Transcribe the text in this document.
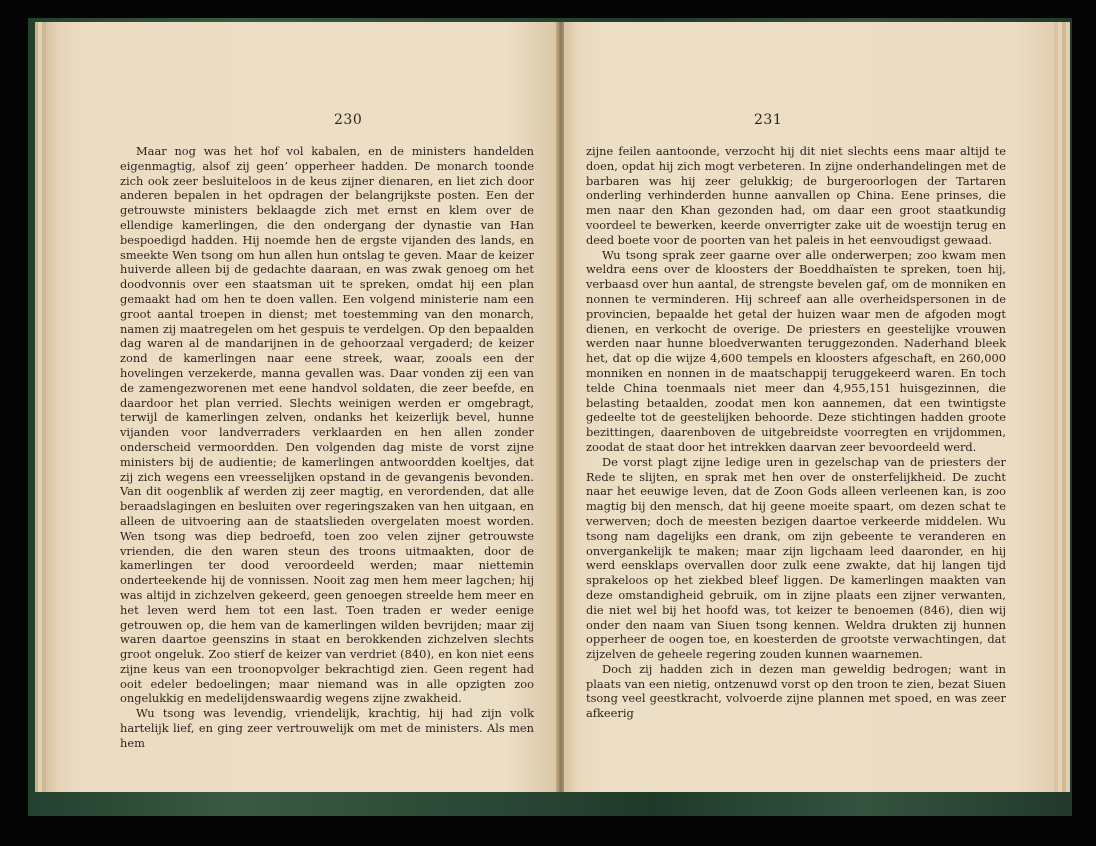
230

Maar nog was het hof vol kabalen, en de ministers handelden eigenmagtig, alsof zij geen’ opperheer hadden. De monarch toonde zich ook zeer besluiteloos in de keus zijner dienaren, en liet zich door anderen bepalen in het opdragen der belangrijkste posten. Een der getrouwste ministers beklaagde zich met ernst en klem over de ellendige kamerlingen, die den ondergang der dynastie van Han bespoedigd hadden. Hij noemde hen de ergste vijanden des lands, en smeekte Wen tsong om hun allen hun ontslag te geven. Maar de keizer huiverde alleen bij de gedachte daaraan, en was zwak genoeg om het doodvonnis over een staatsman uit te spreken, omdat hij een plan gemaakt had om hen te doen vallen. Een volgend ministerie nam een groot aantal troepen in dienst; met toestemming van den monarch, namen zij maatregelen om het gespuis te verdelgen. Op den bepaalden dag waren al de mandarijnen in de gehoorzaal vergaderd; de keizer zond de kamerlingen naar eene streek, waar, zooals een der hovelingen verzekerde, manna gevallen was. Daar vonden zij een van de zamengezworenen met eene handvol soldaten, die zeer beefde, en daardoor het plan verried. Slechts weinigen werden er omgebragt, terwijl de kamerlingen zelven, ondanks het keizerlijk bevel, hunne vijanden voor landverraders verklaarden en hen allen zonder onderscheid vermoordden. Den volgenden dag miste de vorst zijne ministers bij de audientie; de kamerlingen antwoordden koeltjes, dat zij zich wegens een vreesselijken opstand in de gevangenis bevonden. Van dit oogenblik af werden zij zeer magtig, en verordenden, dat alle beraadslagingen en besluiten over regeringszaken van hen uitgaan, en alleen de uitvoering aan de staatslieden overgelaten moest worden. Wen tsong was diep bedroefd, toen zoo velen zijner getrouwste vrienden, die den waren steun des troons uitmaakten, door de kamerlingen ter dood veroordeeld werden; maar niettemin onderteekende hij de vonnissen. Nooit zag men hem meer lagchen; hij was altijd in zichzelven gekeerd, geen genoegen streelde hem meer en het leven werd hem tot een last. Toen traden er weder eenige getrouwen op, die hem van de kamerlingen wilden bevrijden; maar zij waren daartoe geenszins in staat en berokkenden zichzelven slechts groot ongeluk. Zoo stierf de keizer van verdriet (840), en kon niet eens zijne keus van een troonopvolger bekrachtigd zien. Geen regent had ooit edeler bedoelingen; maar niemand was in alle opzigten zoo ongelukkig en medelijdenswaardig wegens zijne zwakheid.

Wu tsong was levendig, vriendelijk, krachtig, hij had zijn volk hartelijk lief, en ging zeer vertrouwelijk om met de ministers. Als men hem

231

zijne feilen aantoonde, verzocht hij dit niet slechts eens maar altijd te doen, opdat hij zich mogt verbeteren. In zijne onderhandelingen met de barbaren was hij zeer gelukkig; de burgeroorlogen der Tartaren onderling verhinderden hunne aanvallen op China. Eene prinses, die men naar den Khan gezonden had, om daar een groot staatkundig voordeel te bewerken, keerde onverrigter zake uit de woestijn terug en deed boete voor de poorten van het paleis in het eenvoudigst gewaad.

Wu tsong sprak zeer gaarne over alle onderwerpen; zoo kwam men weldra eens over de kloosters der Boeddhaïsten te spreken, toen hij, verbaasd over hun aantal, de strengste bevelen gaf, om de monniken en nonnen te verminderen. Hij schreef aan alle overheidspersonen in de provincien, bepaalde het getal der huizen waar men de afgoden mogt dienen, en verkocht de overige. De priesters en geestelijke vrouwen werden naar hunne bloedverwanten teruggezonden. Naderhand bleek het, dat op die wijze 4,600 tempels en kloosters afgeschaft, en 260,000 monniken en nonnen in de maatschappij teruggekeerd waren. En toch telde China toenmaals niet meer dan 4,955,151 huisgezinnen, die belasting betaalden, zoodat men kon aannemen, dat een twintigste gedeelte tot de geestelijken behoorde. Deze stichtingen hadden groote bezittingen, daarenboven de uitgebreidste voorregten en vrijdommen, zoodat de staat door het intrekken daarvan zeer bevoordeeld werd.

De vorst plagt zijne ledige uren in gezelschap van de priesters der Rede te slijten, en sprak met hen over de onsterfelijkheid. De zucht naar het eeuwige leven, dat de Zoon Gods alleen verleenen kan, is zoo magtig bij den mensch, dat hij geene moeite spaart, om dezen schat te verwerven; doch de meesten bezigen daartoe verkeerde middelen. Wu tsong nam dagelijks een drank, om zijn gebeente te veranderen en onvergankelijk te maken; maar zijn ligchaam leed daaronder, en hij werd eensklaps overvallen door zulk eene zwakte, dat hij langen tijd sprakeloos op het ziekbed bleef liggen. De kamerlingen maakten van deze omstandigheid gebruik, om in zijne plaats een zijner verwanten, die niet wel bij het hoofd was, tot keizer te benoemen (846), dien wij onder den naam van Siuen tsong kennen. Weldra drukten zij hunnen opperheer de oogen toe, en koesterden de grootste verwachtingen, dat zijzelven de geheele regering zouden kunnen waarnemen.

Doch zij hadden zich in dezen man geweldig bedrogen; want in plaats van een nietig, ontzenuwd vorst op den troon te zien, bezat Siuen tsong veel geestkracht, volvoerde zijne plannen met spoed, en was zeer afkeerig
